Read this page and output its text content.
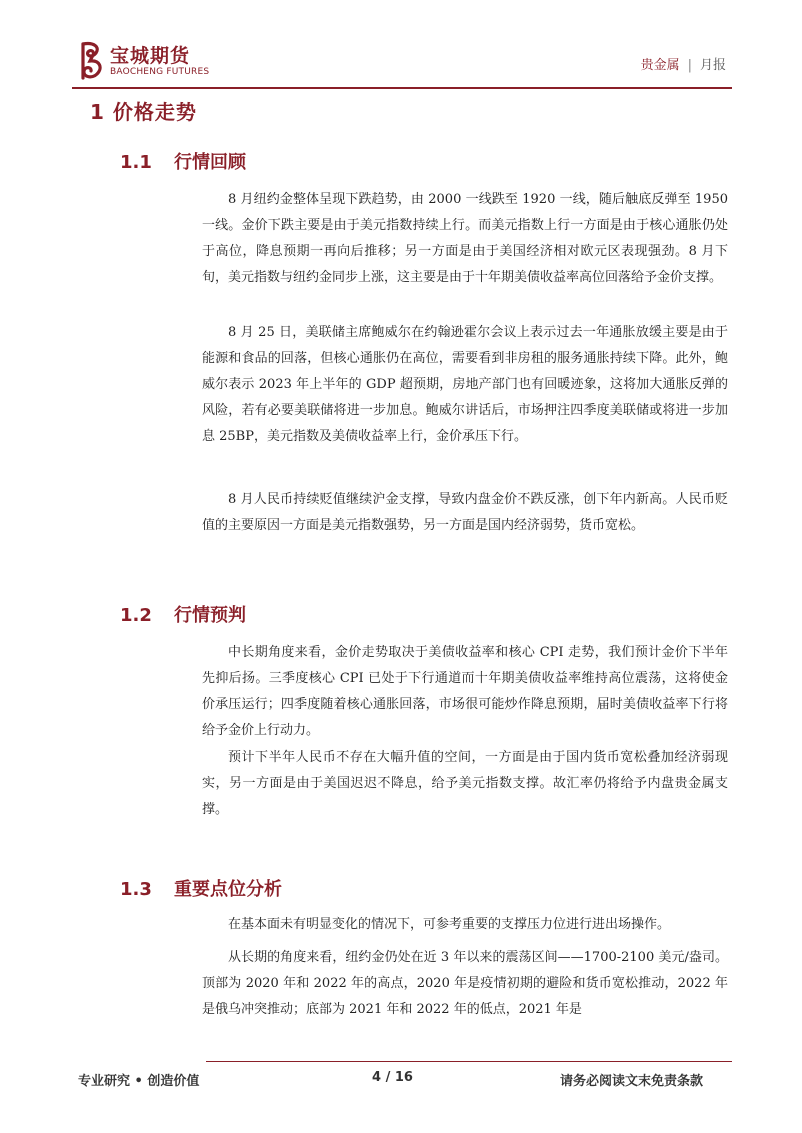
宝城期货
BAOCHENG FUTURES	贵金属 | 月报
1 价格走势
1.1 行情回顾

8 月纽约金整体呈现下跌趋势，由 2000 一线跌至 1920 一线，随后触底反弹至 1950 一线。金价下跌主要是由于美元指数持续上行。而美元指数上行一方面是由于核心通胀仍处于高位，降息预期一再向后推移；另一方面是由于美国经济相对欧元区表现强劲。8 月下旬，美元指数与纽约金同步上涨，这主要是由于十年期美债收益率高位回落给予金价支撑。

8 月 25 日，美联储主席鲍威尔在约翰逊霍尔会议上表示过去一年通胀放缓主要是由于能源和食品的回落，但核心通胀仍在高位，需要看到非房租的服务通胀持续下降。此外，鲍威尔表示 2023 年上半年的 GDP 超预期，房地产部门也有回暖迹象，这将加大通胀反弹的风险，若有必要美联储将进一步加息。鲍威尔讲话后，市场押注四季度美联储或将进一步加息 25BP，美元指数及美债收益率上行，金价承压下行。

8 月人民币持续贬值继续沪金支撑，导致内盘金价不跌反涨，创下年内新高。人民币贬值的主要原因一方面是美元指数强势，另一方面是国内经济弱势，货币宽松。

1.2 行情预判

中长期角度来看，金价走势取决于美债收益率和核心 CPI 走势，我们预计金价下半年先抑后扬。三季度核心 CPI 已处于下行通道而十年期美债收益率维持高位震荡，这将使金价承压运行；四季度随着核心通胀回落，市场很可能炒作降息预期，届时美债收益率下行将给予金价上行动力。

预计下半年人民币不存在大幅升值的空间，一方面是由于国内货币宽松叠加经济弱现实，另一方面是由于美国迟迟不降息，给予美元指数支撑。故汇率仍将给予内盘贵金属支撑。

1.3 重要点位分析

在基本面未有明显变化的情况下，可参考重要的支撑压力位进行进出场操作。

从长期的角度来看，纽约金仍处在近 3 年以来的震荡区间——1700-2100 美元/盎司。顶部为 2020 年和 2022 年的高点，2020 年是疫情初期的避险和货币宽松推动，2022 年是俄乌冲突推动；底部为 2021 年和 2022 年的低点，2021 年是

专业研究 • 创造价值	4 / 16	请务必阅读文末免责条款
